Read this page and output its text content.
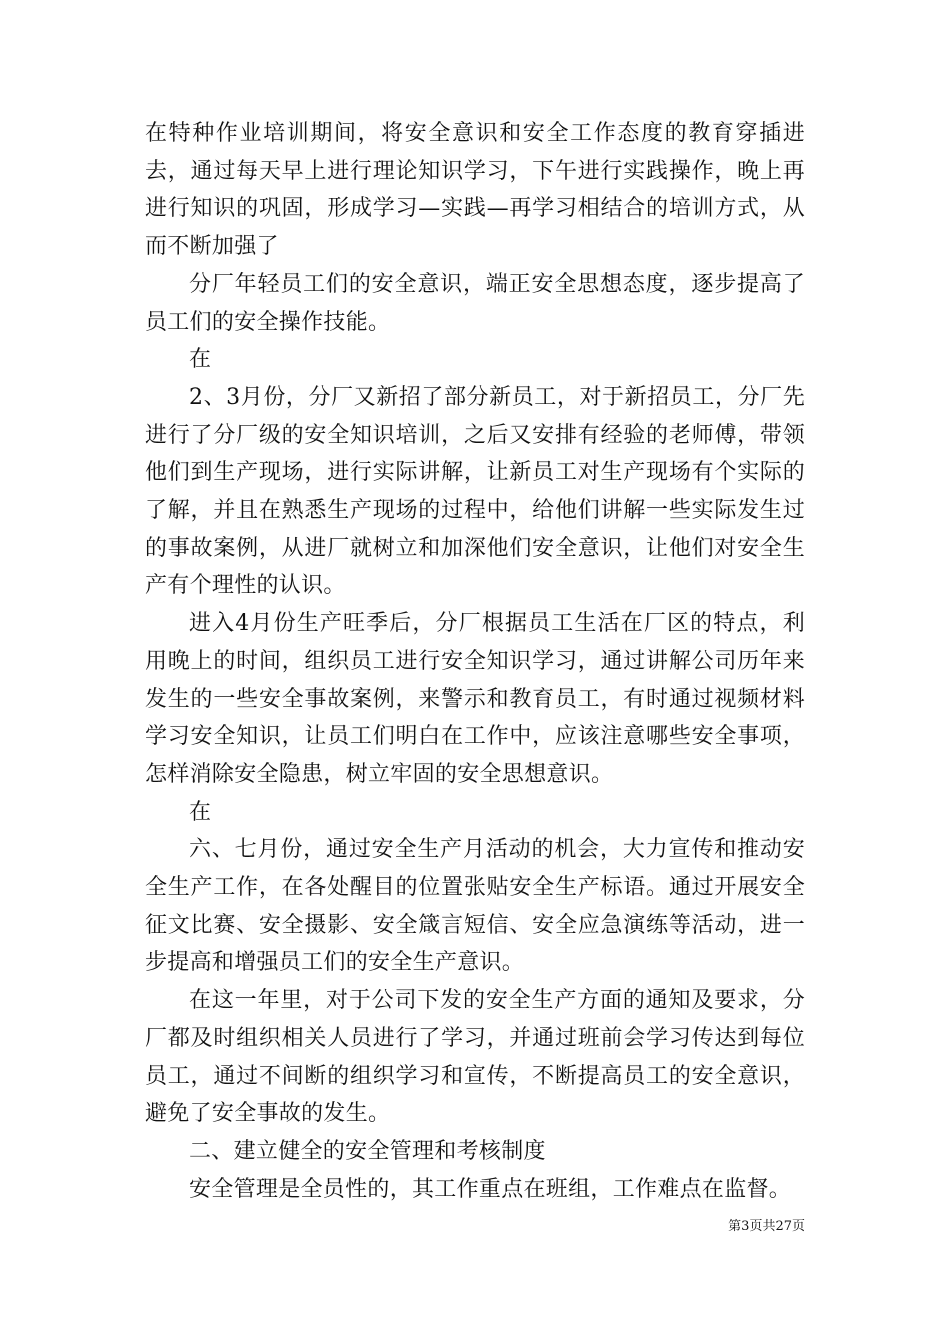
在特种作业培训期间，将安全意识和安全工作态度的教育穿插进去，通过每天早上进行理论知识学习，下午进行实践操作，晚上再进行知识的巩固，形成学习—实践—再学习相结合的培训方式，从而不断加强了

分厂年轻员工们的安全意识，端正安全思想态度，逐步提高了员工们的安全操作技能。

在

2、3月份，分厂又新招了部分新员工，对于新招员工，分厂先进行了分厂级的安全知识培训，之后又安排有经验的老师傅，带领他们到生产现场，进行实际讲解，让新员工对生产现场有个实际的了解，并且在熟悉生产现场的过程中，给他们讲解一些实际发生过的事故案例，从进厂就树立和加深他们安全意识，让他们对安全生产有个理性的认识。

进入4月份生产旺季后，分厂根据员工生活在厂区的特点，利用晚上的时间，组织员工进行安全知识学习，通过讲解公司历年来发生的一些安全事故案例，来警示和教育员工，有时通过视频材料学习安全知识，让员工们明白在工作中，应该注意哪些安全事项，怎样消除安全隐患，树立牢固的安全思想意识。

在

六、七月份，通过安全生产月活动的机会，大力宣传和推动安全生产工作，在各处醒目的位置张贴安全生产标语。通过开展安全征文比赛、安全摄影、安全箴言短信、安全应急演练等活动，进一步提高和增强员工们的安全生产意识。

在这一年里，对于公司下发的安全生产方面的通知及要求，分厂都及时组织相关人员进行了学习，并通过班前会学习传达到每位员工，通过不间断的组织学习和宣传，不断提高员工的安全意识，避免了安全事故的发生。

二、建立健全的安全管理和考核制度

安全管理是全员性的，其工作重点在班组，工作难点在监督。

第3页共27页
